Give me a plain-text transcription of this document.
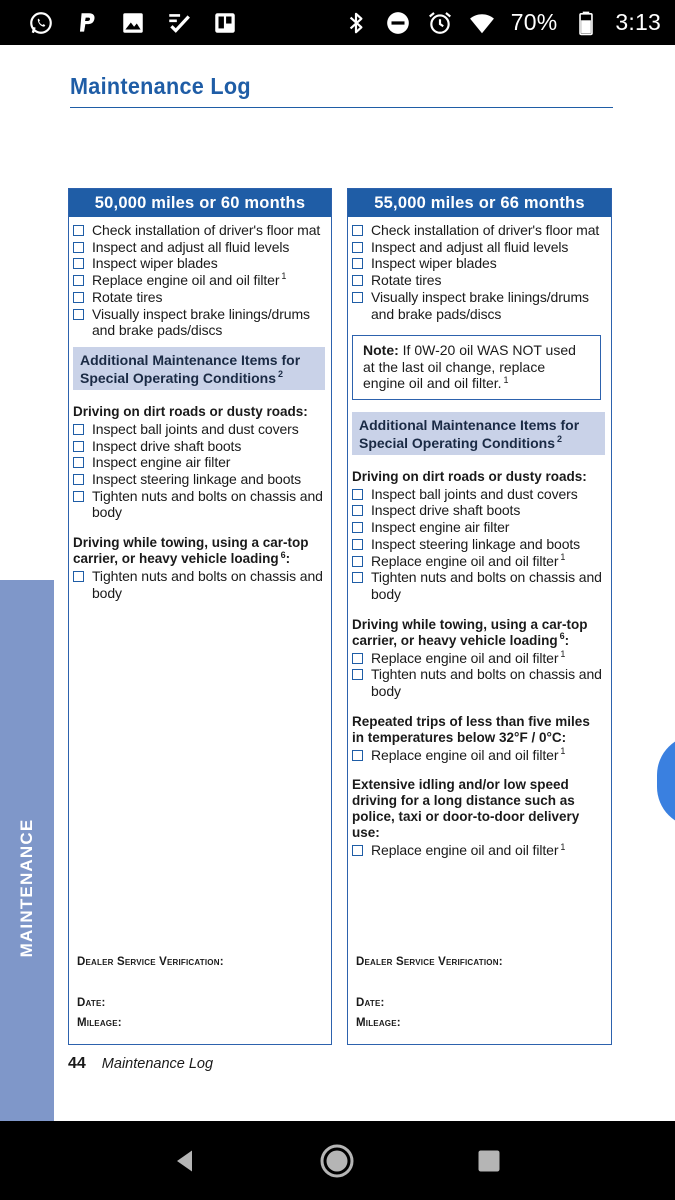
70%	3:13
Maintenance Log
MAINTENANCE
50,000 miles or 60 months
Check installation of driver's floor mat
Inspect and adjust all fluid levels
Inspect wiper blades
Replace engine oil and oil filter $^1$
Rotate tires
Visually inspect brake linings/drums and brake pads/discs
Additional Maintenance Items for Special Operating Conditions $^2$
Driving on dirt roads or dusty roads:
Inspect ball joints and dust covers
Inspect drive shaft boots
Inspect engine air filter
Inspect steering linkage and boots
Tighten nuts and bolts on chassis and body
Driving while towing, using a car-top carrier, or heavy vehicle loading $^6$:
Tighten nuts and bolts on chassis and body
Dealer Service Verification:
Date:
Mileage:
55,000 miles or 66 months
Check installation of driver's floor mat
Inspect and adjust all fluid levels
Inspect wiper blades
Rotate tires
Visually inspect brake linings/drums and brake pads/discs
Note: If 0W-20 oil WAS NOT used at the last oil change, replace engine oil and oil filter. $^1$
Additional Maintenance Items for Special Operating Conditions $^2$
Driving on dirt roads or dusty roads:
Inspect ball joints and dust covers
Inspect drive shaft boots
Inspect engine air filter
Inspect steering linkage and boots
Replace engine oil and oil filter $^1$
Tighten nuts and bolts on chassis and body
Driving while towing, using a car-top carrier, or heavy vehicle loading $^6$:
Replace engine oil and oil filter $^1$
Tighten nuts and bolts on chassis and body
Repeated trips of less than five miles in temperatures below 32°F / 0°C:
Replace engine oil and oil filter $^1$
Extensive idling and/or low speed driving for a long distance such as police, taxi or door-to-door delivery use:
Replace engine oil and oil filter $^1$
Dealer Service Verification:
Date:
Mileage:
44 Maintenance Log
